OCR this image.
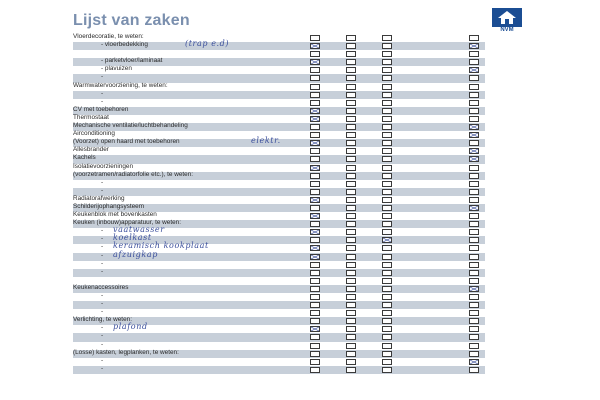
Lijst van zaken
NVM
Vloerdecoratie, te weten:
- vloerbedekking	(trap e.d)
- parketvloer/laminaat
- plavuizen
-
Warmwatervoorziening, te weten:
-
-
CV met toebehoren
Thermostaat
Mechanische ventilatie/luchtbehandeling
Airconditioning
(Voorzet) open haard met toebehoren	elektr.
Allesbrander
Kachels
Isolatievoorzieningen
(voorzetramen/radiatorfolie etc.), te weten:
-
-
Radiatorafwerking
Schilderijophangsysteem
Keukenblok met bovenkasten
Keuken (inbouw)apparatuur, te weten:
- vaatwasser
- koelkast
- keramisch kookplaat
- afzuigkap
-
-
Keukenaccessoires
-
-
-
Verlichting, te weten:
- plafond
-
-
(Losse) kasten, legplanken, te weten:
-
-
